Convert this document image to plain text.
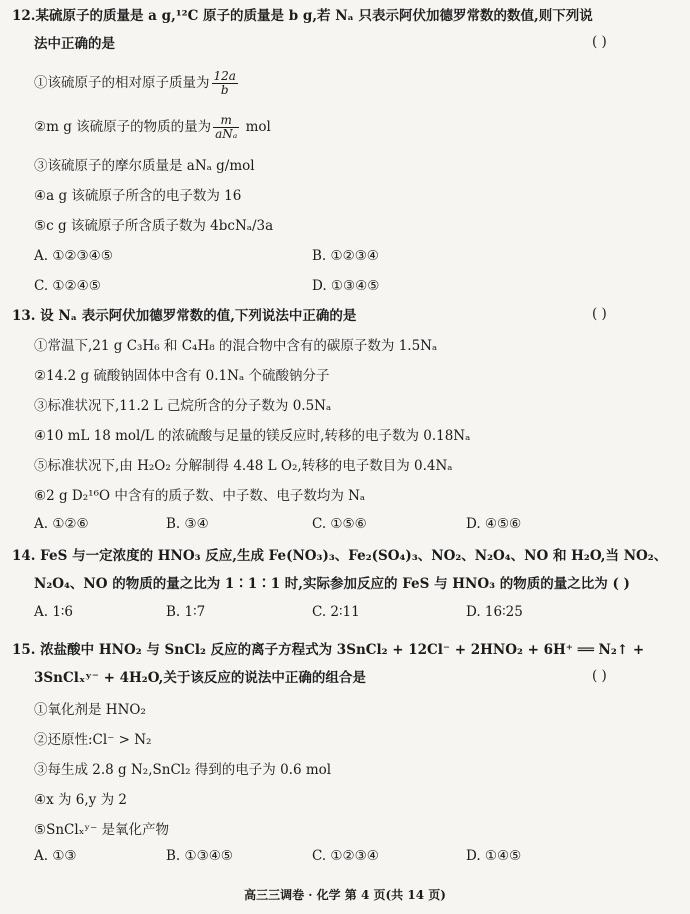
12.某硫原子的质量是 a g,¹²C 原子的质量是 b g,若 Nₐ 只表示阿伏加德罗常数的数值,则下列说
法中正确的是	( )
①该硫原子的相对原子质量为 $\frac{12a}{b}$
②m g 该硫原子的物质的量为 $\frac{m}{\text{aNₐ}}$ mol
③该硫原子的摩尔质量是 aNₐ g/mol
④a g 该硫原子所含的电子数为 16
⑤c g 该硫原子所含质子数为 4bcNₐ/3a
A. ①②③④⑤	B. ①②③④
C. ①②④⑤	D. ①③④⑤
13. 设 Nₐ 表示阿伏加德罗常数的值,下列说法中正确的是	( )
①常温下,21 g C₃H₆ 和 C₄H₈ 的混合物中含有的碳原子数为 1.5Nₐ
②14.2 g 硫酸钠固体中含有 0.1Nₐ 个硫酸钠分子
③标准状况下,11.2 L 己烷所含的分子数为 0.5Nₐ
④10 mL 18 mol/L 的浓硫酸与足量的镁反应时,转移的电子数为 0.18Nₐ
⑤标准状况下,由 H₂O₂ 分解制得 4.48 L O₂,转移的电子数目为 0.4Nₐ
⑥2 g D₂¹⁶O 中含有的质子数、中子数、电子数均为 Nₐ
A. ①②⑥	B. ③④	C. ①⑤⑥	D. ④⑤⑥
14. FeS 与一定浓度的 HNO₃ 反应,生成 Fe(NO₃)₃、Fe₂(SO₄)₃、NO₂、N₂O₄、NO 和 H₂O,当 NO₂、
N₂O₄、NO 的物质的量之比为 1∶1∶1 时,实际参加反应的 FeS 与 HNO₃ 的物质的量之比为 ( )
A. 1∶6	B. 1∶7	C. 2∶11	D. 16∶25
15. 浓盐酸中 HNO₂ 与 SnCl₂ 反应的离子方程式为 3SnCl₂ + 12Cl⁻ + 2HNO₂ + 6H⁺ ══ N₂↑ +
3SnClₓʸ⁻ + 4H₂O,关于该反应的说法中正确的组合是	( )
①氧化剂是 HNO₂
②还原性:Cl⁻ > N₂
③每生成 2.8 g N₂,SnCl₂ 得到的电子为 0.6 mol
④x 为 6,y 为 2
⑤SnClₓʸ⁻ 是氧化产物
A. ①③	B. ①③④⑤	C. ①②③④	D. ①④⑤
高三三调卷 · 化学 第 4 页(共 14 页)
